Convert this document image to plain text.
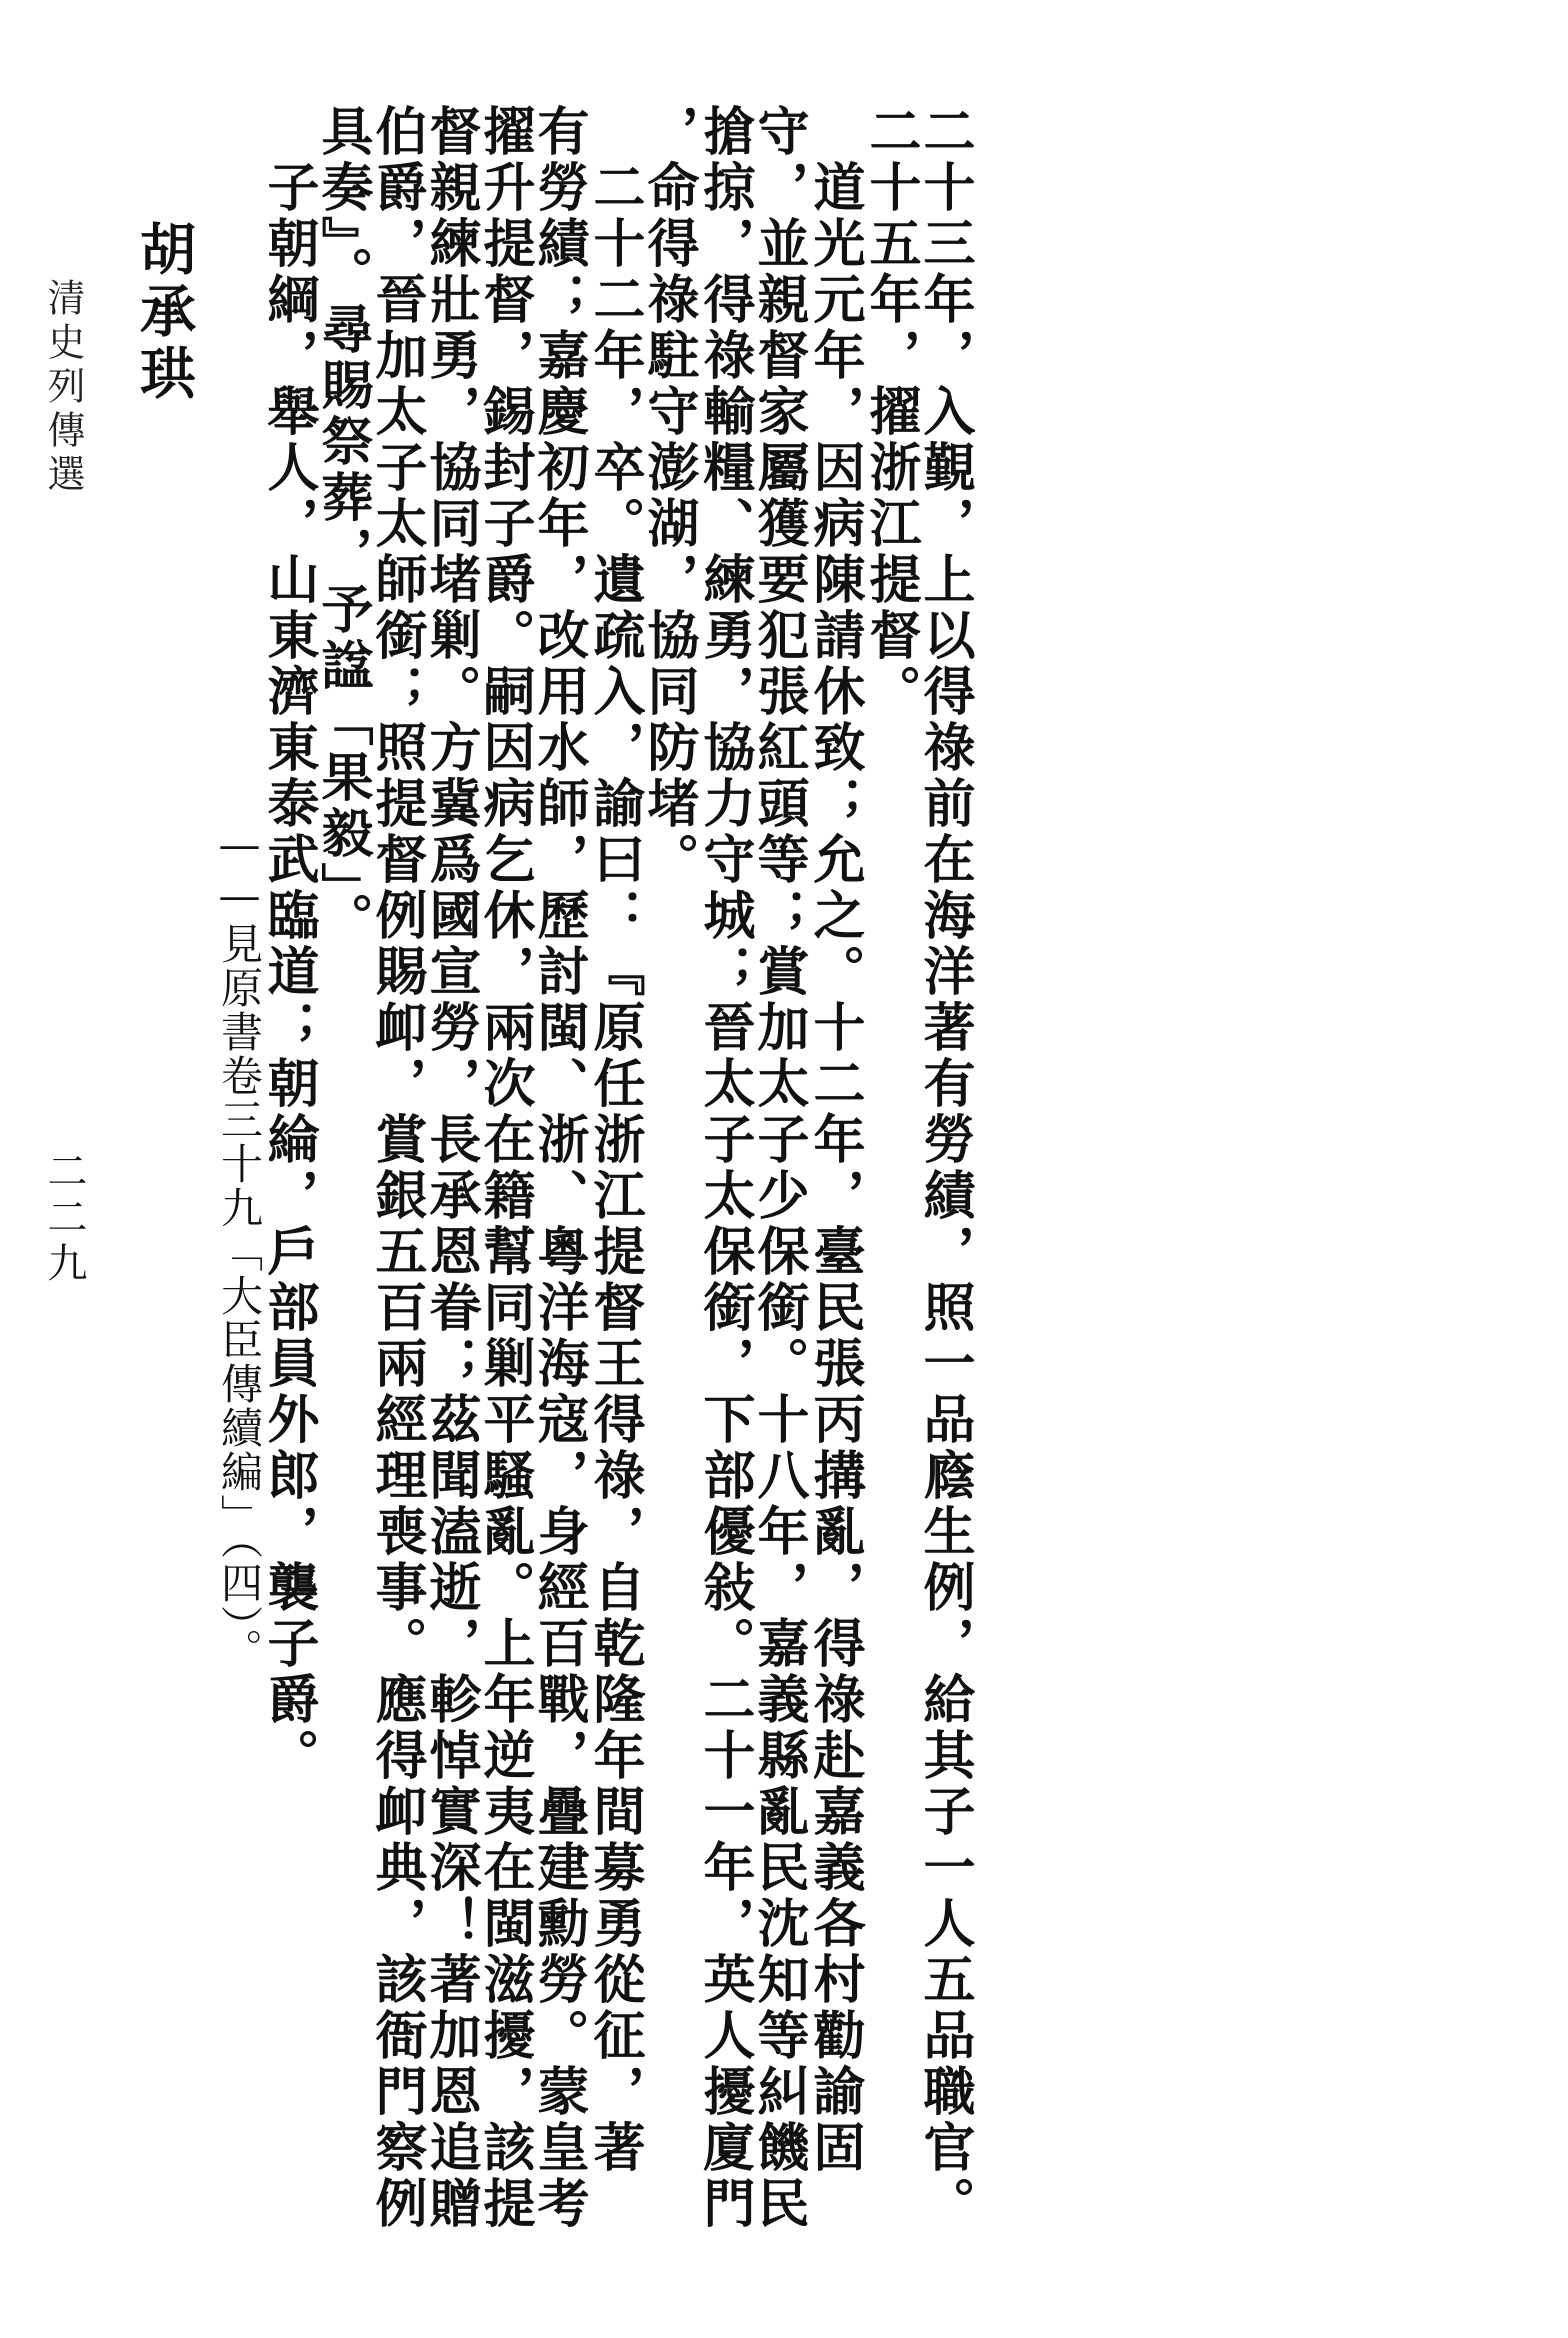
二十三年，入覲，上以得祿前在海洋著有勞績，照一品廕生例，給其子一人五品職官。
二十五年，擢浙江提督。
　道光元年，因病陳請休致；允之。十二年，臺民張丙搆亂，得祿赴嘉義各村勸諭固
守，並親督家屬獲要犯張紅頭等；賞加太子少保銜。十八年，嘉義縣亂民沈知等糾饑民
搶掠，得祿輸糧、練勇，協力守城；晉太子太保銜，下部優敍。二十一年，英人擾廈門
，命得祿駐守澎湖，協同防堵。
　二十二年，卒。遺疏入，諭曰：『原任浙江提督王得祿，自乾隆年間募勇從征，著
有勞績；嘉慶初年，改用水師，歷討閩、浙、粵洋海寇，身經百戰，疊建勳勞。蒙皇考
擢升提督，錫封子爵。嗣因病乞休，兩次在籍幫同剿平騷亂。上年逆夷在閩滋擾，該提
督親練壯勇，協同堵剿。方冀爲國宣勞，長承恩眷；茲聞溘逝，軫悼實深！著加恩追贈
伯爵，晉加太子太師銜；照提督例賜卹，賞銀五百兩經理喪事。應得卹典，該衙門察例
具奏』。尋賜祭葬，予諡「果毅」。
——見原書卷三十九「大臣傳續編」（四）。
　子朝綱，舉人，山東濟東泰武臨道；朝綸，戶部員外郎，襲子爵。
胡承珙
清史列傳選
二二九
